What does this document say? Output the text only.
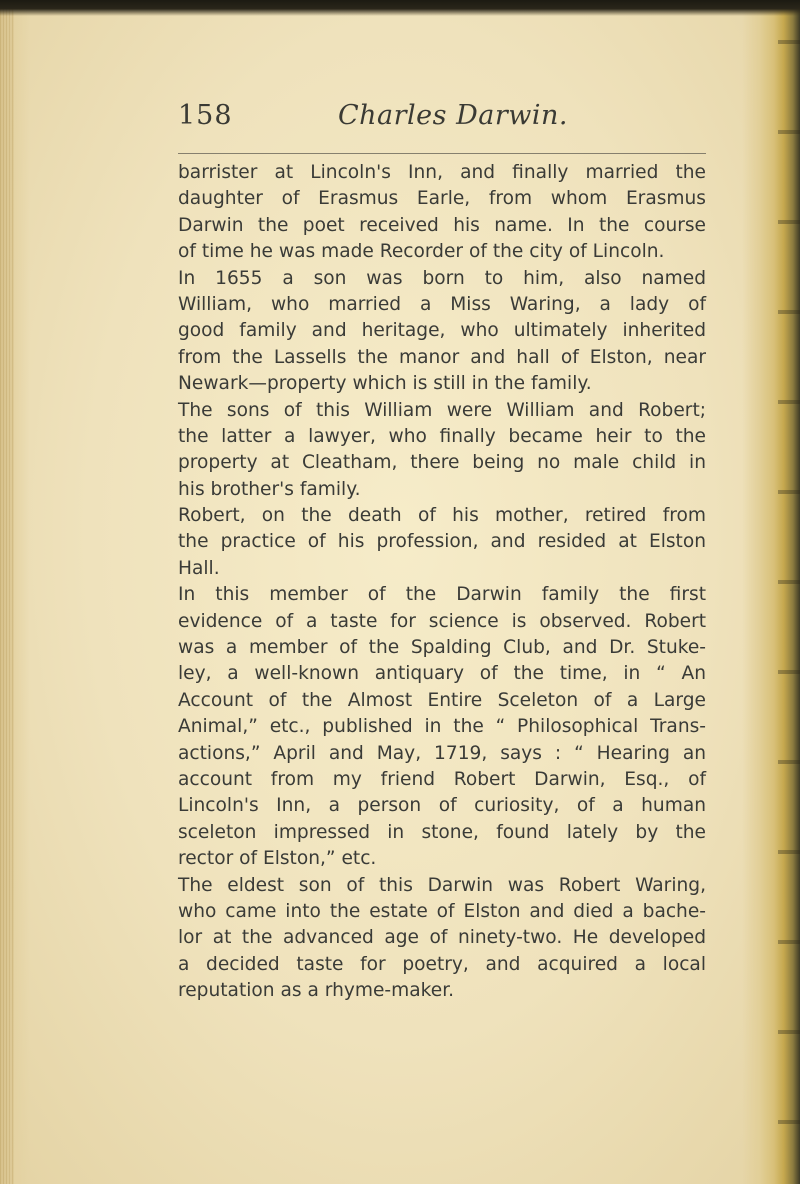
158	Charles Darwin.

barrister at Lincoln's Inn, and finally married the
daughter of Erasmus Earle, from whom Erasmus
Darwin the poet received his name. In the course
of time he was made Recorder of the city of Lincoln.

In 1655 a son was born to him, also named
William, who married a Miss Waring, a lady of
good family and heritage, who ultimately inherited
from the Lassells the manor and hall of Elston, near
Newark—property which is still in the family.

The sons of this William were William and Robert;
the latter a lawyer, who finally became heir to the
property at Cleatham, there being no male child in
his brother's family.

Robert, on the death of his mother, retired from
the practice of his profession, and resided at Elston
Hall.

In this member of the Darwin family the first
evidence of a taste for science is observed. Robert
was a member of the Spalding Club, and Dr. Stuke-
ley, a well-known antiquary of the time, in “ An
Account of the Almost Entire Sceleton of a Large
Animal,” etc., published in the “ Philosophical Trans-
actions,” April and May, 1719, says : “ Hearing an
account from my friend Robert Darwin, Esq., of
Lincoln's Inn, a person of curiosity, of a human
sceleton impressed in stone, found lately by the
rector of Elston,” etc.

The eldest son of this Darwin was Robert Waring,
who came into the estate of Elston and died a bache-
lor at the advanced age of ninety-two. He developed
a decided taste for poetry, and acquired a local
reputation as a rhyme-maker.
